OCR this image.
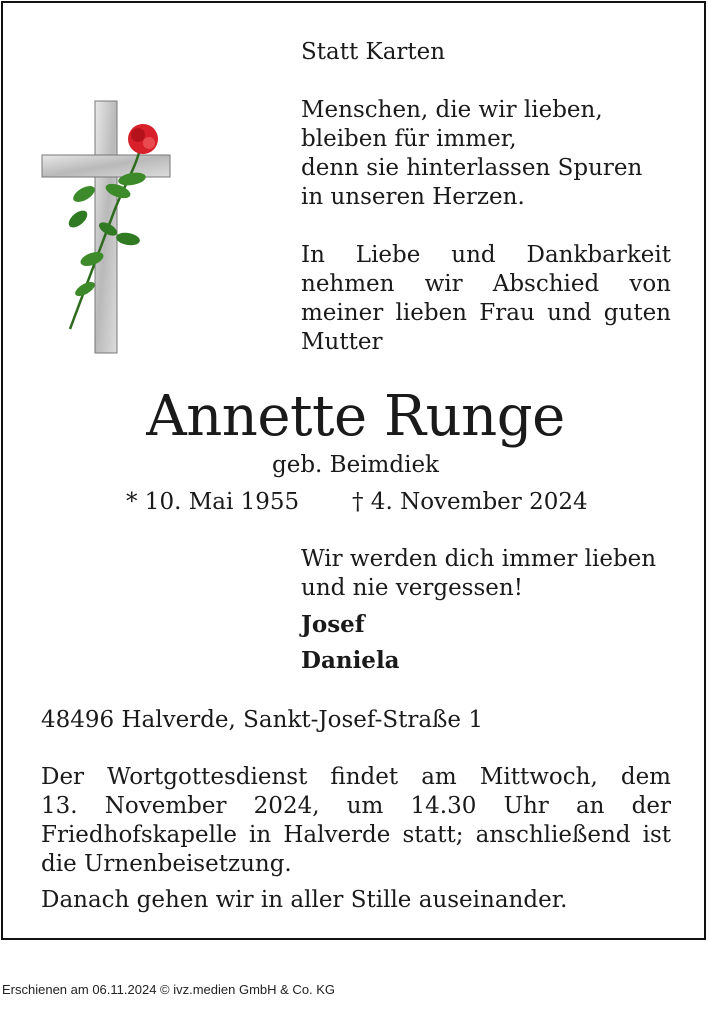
Statt Karten
Menschen, die wir lieben,
bleiben für immer,
denn sie hinterlassen Spuren
in unseren Herzen.
In Liebe und Dankbarkeit
nehmen wir Abschied von
meiner lieben Frau und guten
Mutter
Annette Runge
geb. Beimdiek
* 10. Mai 1955 † 4. November 2024
Wir werden dich immer lieben
und nie vergessen!
Josef
Daniela
48496 Halverde, Sankt-Josef-Straße 1
Der Wortgottesdienst findet am Mittwoch, dem
13. November 2024, um 14.30 Uhr an der
Friedhofskapelle in Halverde statt; anschließend ist
die Urnenbeisetzung.
Danach gehen wir in aller Stille auseinander.
Erschienen am 06.11.2024 © ivz.medien GmbH & Co. KG
